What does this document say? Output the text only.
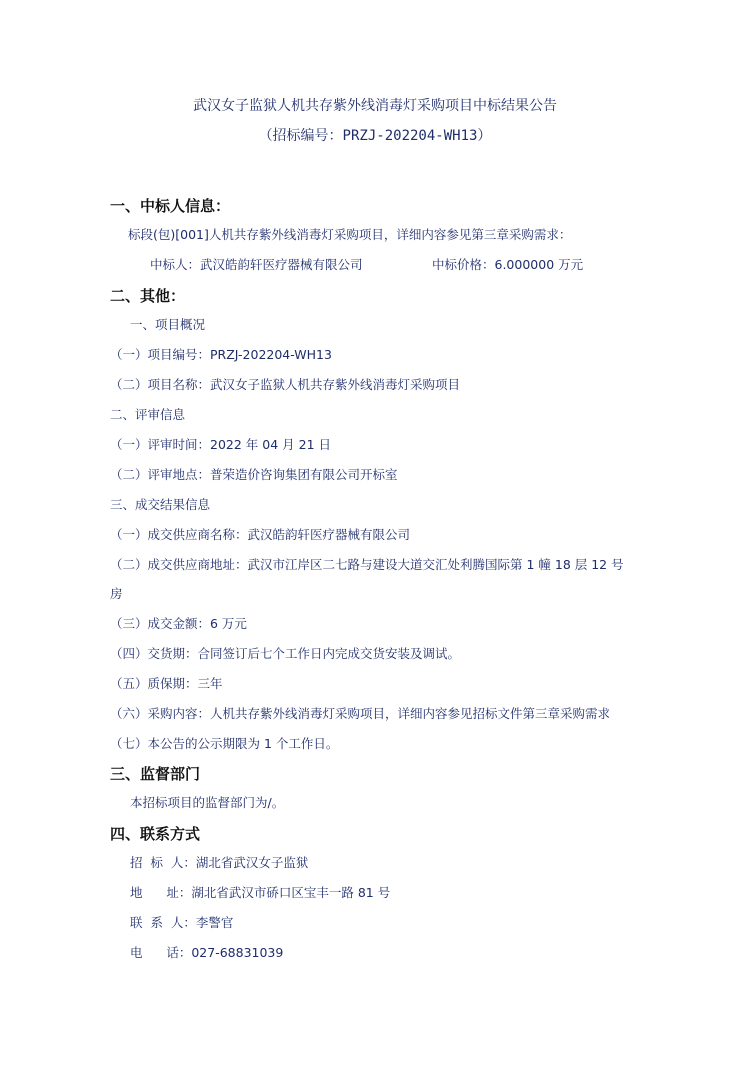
武汉女子监狱人机共存紫外线消毒灯采购项目中标结果公告
（招标编号：PRZJ-202204-WH13）
一、中标人信息：
标段(包)[001]人机共存紫外线消毒灯采购项目，详细内容参见第三章采购需求：
中标人：武汉皓韵轩医疗器械有限公司	中标价格：6.000000 万元
二、其他：
一、项目概况
（一）项目编号：PRZJ-202204-WH13
（二）项目名称：武汉女子监狱人机共存紫外线消毒灯采购项目
二、评审信息
（一）评审时间：2022 年 04 月 21 日
（二）评审地点：普荣造价咨询集团有限公司开标室
三、成交结果信息
（一）成交供应商名称：武汉皓韵轩医疗器械有限公司
（二）成交供应商地址：武汉市江岸区二七路与建设大道交汇处利腾国际第 1 幢 18 层 12 号
房
（三）成交金额：6 万元
（四）交货期：合同签订后七个工作日内完成交货安装及调试。
（五）质保期：三年
（六）采购内容：人机共存紫外线消毒灯采购项目，详细内容参见招标文件第三章采购需求
（七）本公告的公示期限为 1 个工作日。
三、监督部门
本招标项目的监督部门为/。
四、联系方式
招  标  人：湖北省武汉女子监狱
地      址：湖北省武汉市硚口区宝丰一路 81 号
联  系  人：李警官
电      话：027-68831039
